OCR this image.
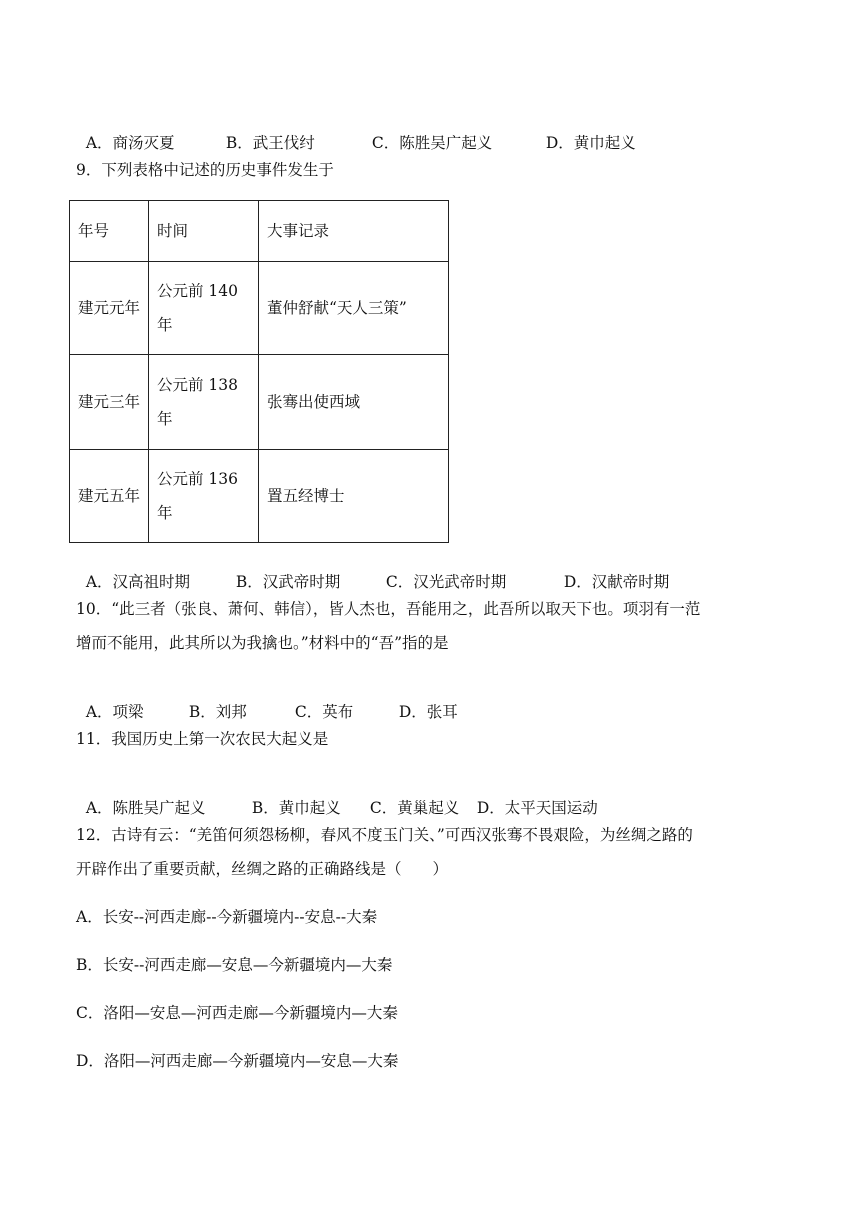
A．商汤灭夏	B．武王伐纣	C．陈胜吴广起义	D．黄巾起义

9．下列表格中记述的历史事件发生于
年号	时间	大事记录
建元元年	公元前 140 年	董仲舒献“天人三策”
建元三年	公元前 138 年	张骞出使西域
建元五年	公元前 136 年	置五经博士

A．汉高祖时期	B．汉武帝时期	C．汉光武帝时期	D．汉献帝时期

10．“此三者（张良、萧何、韩信），皆人杰也，吾能用之，此吾所以取天下也。项羽有一范
增而不能用，此其所以为我擒也。”材料中的“吾”指的是

A．项梁	B．刘邦	C．英布	D．张耳

11．我国历史上第一次农民大起义是

A．陈胜吴广起义	B．黄巾起义 C．黄巢起义 D．太平天国运动

12．古诗有云：“羌笛何须怨杨柳，春风不度玉门关、”可西汉张骞不畏艰险，为丝绸之路的
开辟作出了重要贡献，丝绸之路的正确路线是（　　）
A．长安--河西走廊--今新疆境内--安息--大秦
B．长安--河西走廊—安息—今新疆境内—大秦
C．洛阳—安息—河西走廊—今新疆境内—大秦
D．洛阳—河西走廊—今新疆境内—安息—大秦
